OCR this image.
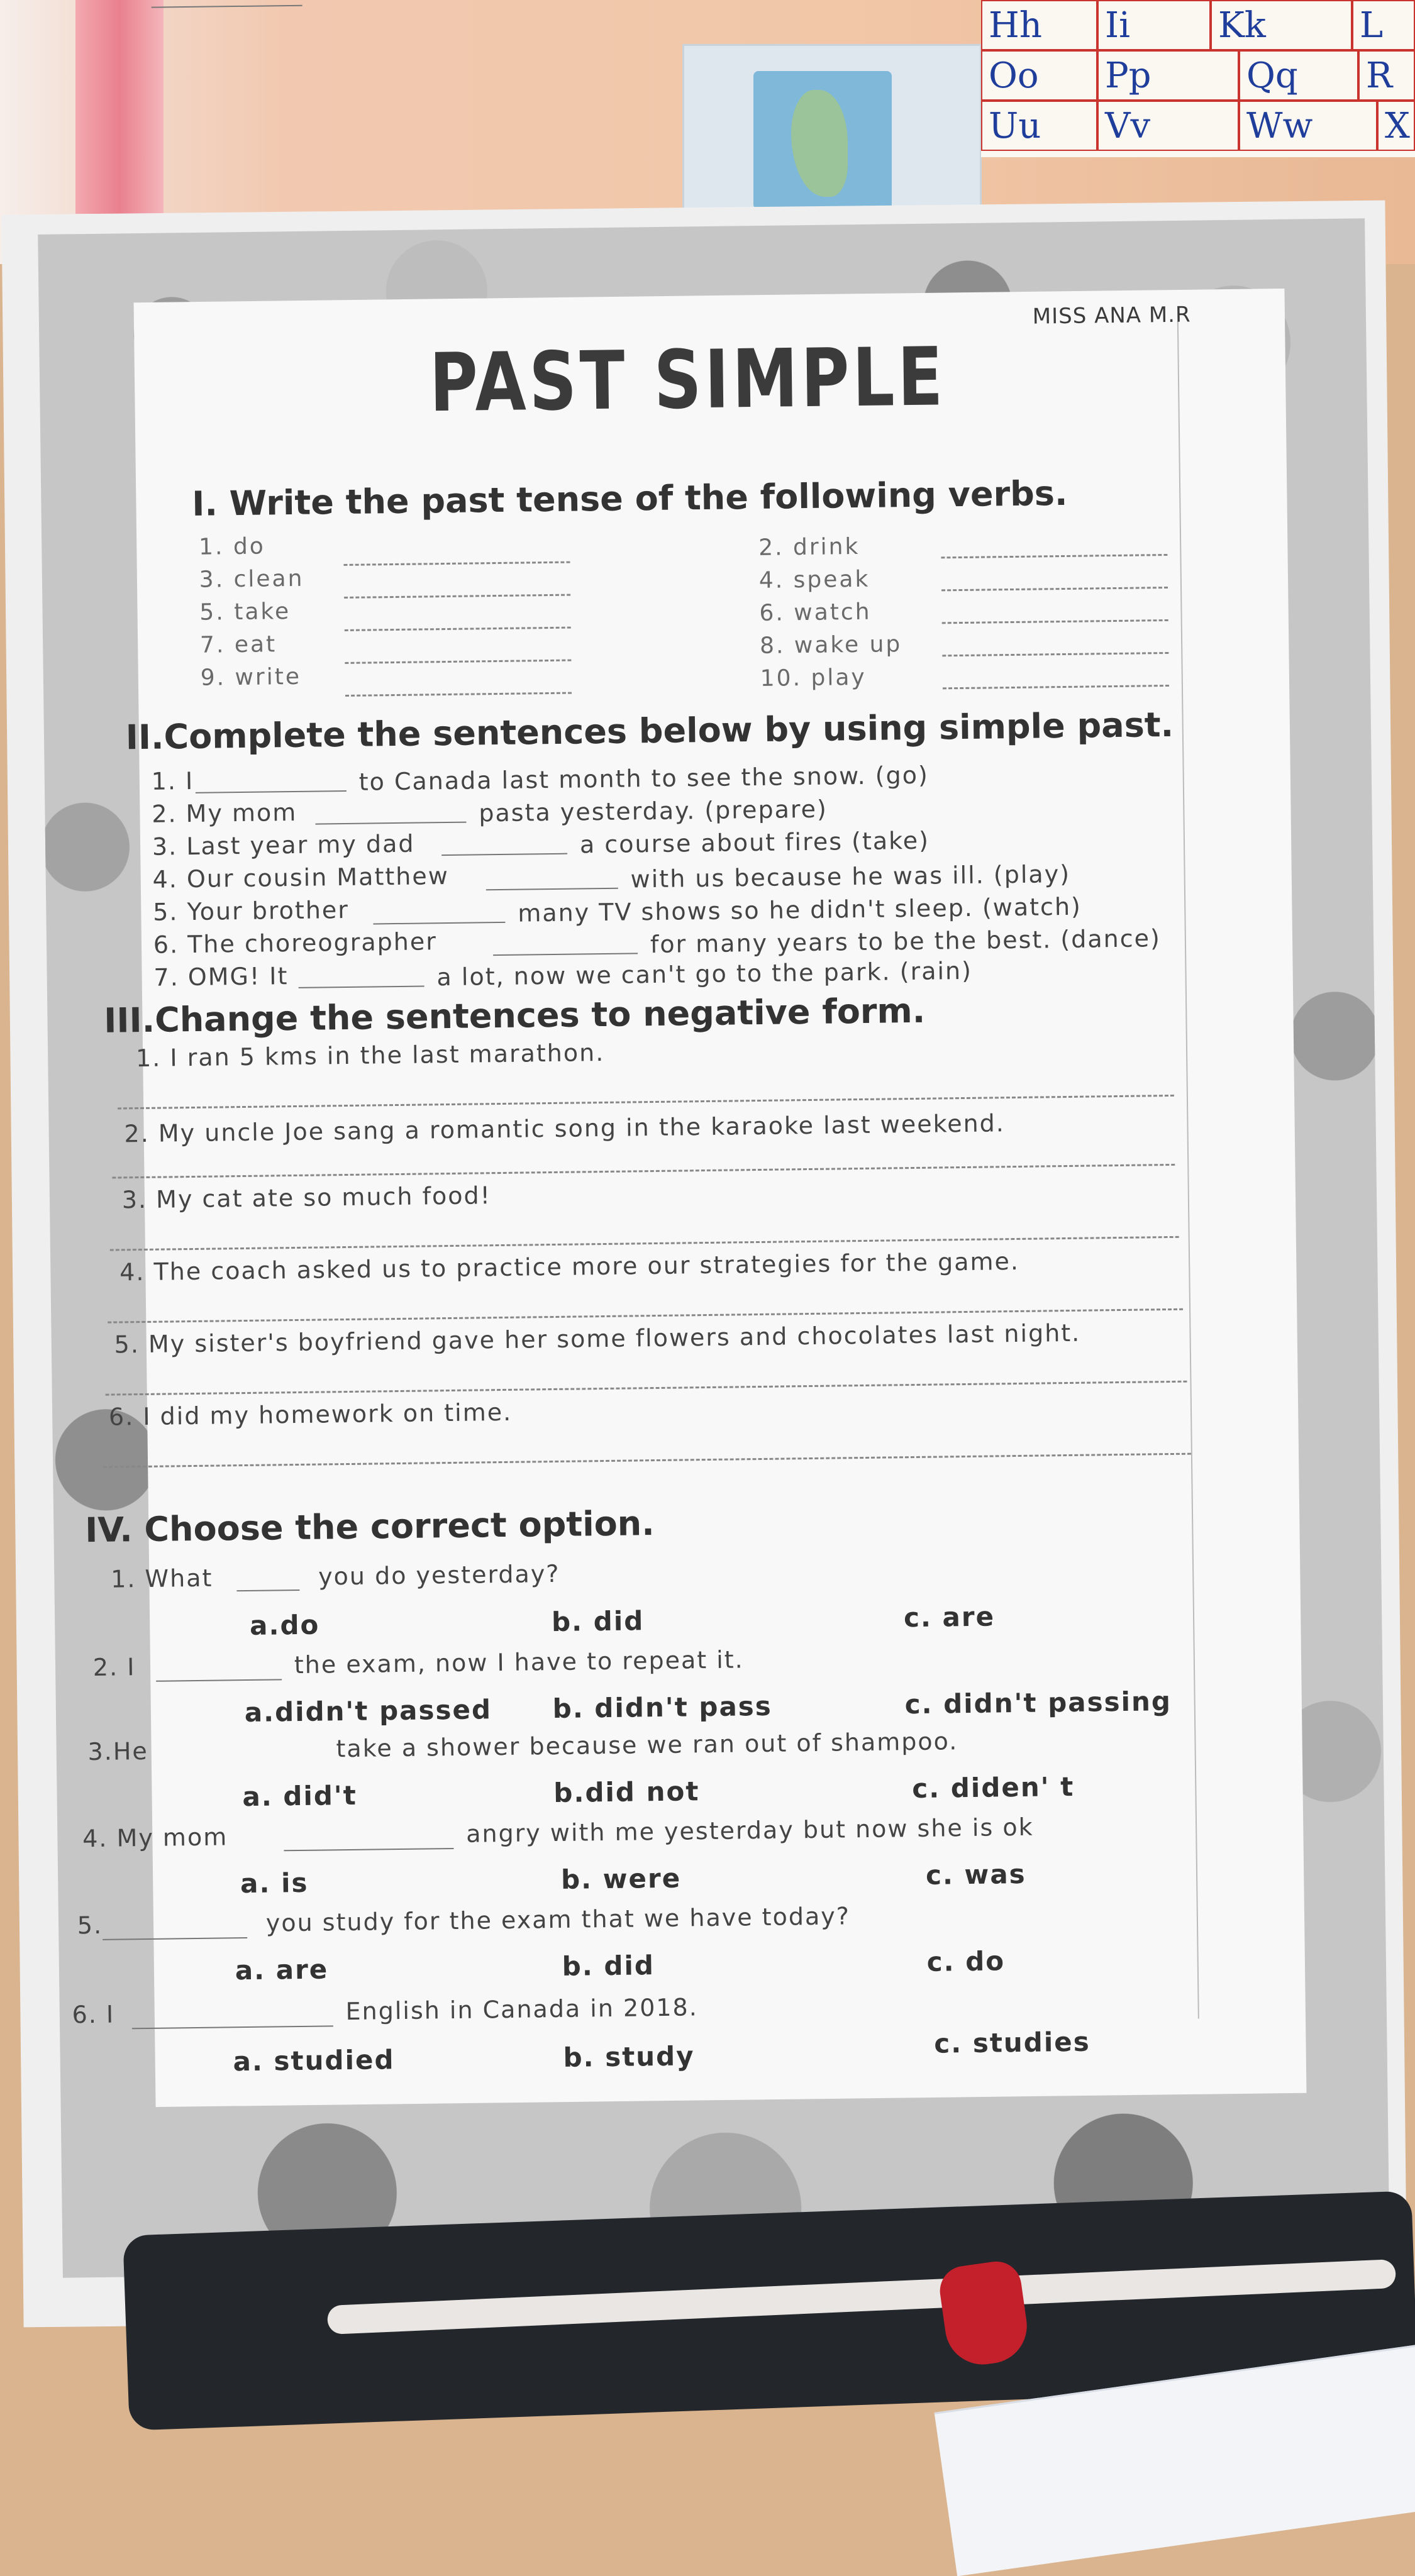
Hh	Ii	Kk	L
Oo	Pp	Qq	R
Uu	Vv	Ww	X
PAST SIMPLE
MISS ANA M.R
I. Write the past tense of the following verbs.
1. do	2. drink
3. clean	4. speak
5. take	6. watch
7. eat	8. wake up
9. write	10. play
II.Complete the sentences below by using simple past.
1. I	to Canada last month to see the snow. (go)
2. My mom	pasta yesterday. (prepare)
3. Last year my dad	a course about fires (take)
4. Our cousin Matthew	with us because he was ill. (play)
5. Your brother	many TV shows so he didn't sleep. (watch)
6. The choreographer	for many years to be the best. (dance)
7. OMG! It	a lot, now we can't go to the park. (rain)
III.Change the sentences to negative form.
1. I ran 5 kms in the last marathon.
2. My uncle Joe sang a romantic song in the karaoke last weekend.
3. My cat ate so much food!
4. The coach asked us to practice more our strategies for the game.
5. My sister's boyfriend gave her some flowers and chocolates last night.
6. I did my homework on time.
IV. Choose the correct option.
1. What	you do yesterday?
a.do	b. did	c. are
2. I	the exam, now I have to repeat it.
a.didn't passed b. didn't pass	c. didn't passing
3.He	take a shower because we ran out of shampoo.
a. did't	b.did not	c. diden' t
4. My mom	angry with me yesterday but now she is ok
a. is	b. were	c. was
5.	you study for the exam that we have today?
a. are	b. did	c. do
6. I	English in Canada in 2018.
a. studied	b. study	c. studies
